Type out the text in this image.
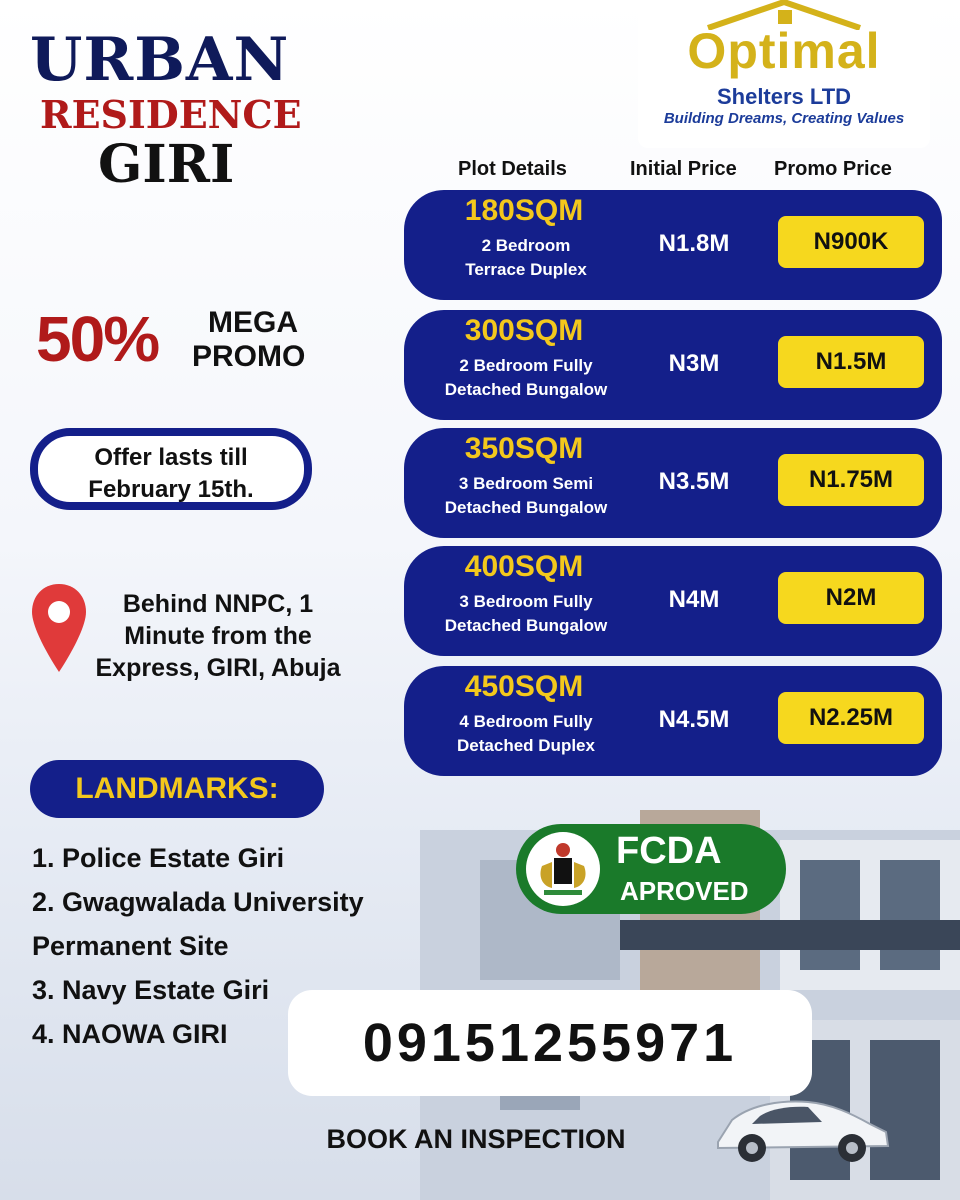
URBAN
RESIDENCE
GIRI
Optimal
Shelters LTD
Building Dreams, Creating Values
Plot Details	Initial Price Promo Price
180SQM
2 Bedroom
Terrace Duplex
N1.8M	N900K
300SQM
2 Bedroom Fully
Detached Bungalow
N3M	N1.5M
350SQM
3 Bedroom Semi
Detached Bungalow
N3.5M	N1.75M
400SQM
3 Bedroom Fully
Detached Bungalow
N4M	N2M
450SQM
4 Bedroom Fully
Detached Duplex
N4.5M	N2.25M
50% MEGA
PROMO
Offer lasts till
February 15th.
Behind NNPC, 1
Minute from the
Express, GIRI, Abuja
LANDMARKS:
1. Police Estate Giri
2. Gwagwalada University
Permanent Site
3. Navy Estate Giri
4. NAOWA GIRI
FCDA
APROVED
09151255971
BOOK AN INSPECTION
